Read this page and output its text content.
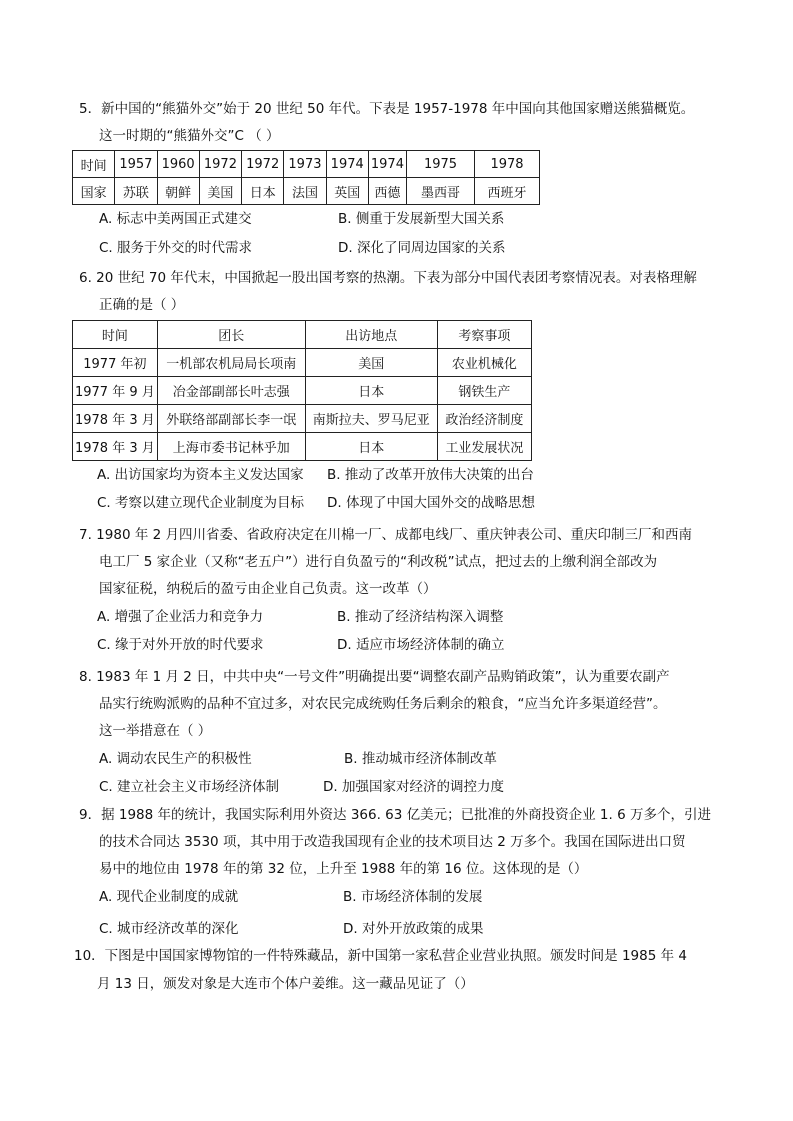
5．新中国的“熊猫外交”始于 20 世纪 50 年代。下表是 1957-1978 年中国向其他国家赠送熊猫概览。
这一时期的“熊猫外交”C （ ）
时间	1957	1960	1972	1972	1973	1974	1974	1975	1978
国家	苏联	朝鲜	美国	日本	法国	英国	西德	墨西哥	西班牙
A. 标志中美两国正式建交	B. 侧重于发展新型大国关系
C. 服务于外交的时代需求	D. 深化了同周边国家的关系
6. 20 世纪 70 年代末，中国掀起一股出国考察的热潮。下表为部分中国代表团考察情况表。对表格理解
正确的是（ ）
时间	团长	出访地点	考察事项
1977 年初	一机部农机局局长项南	美国	农业机械化
1977 年 9 月	冶金部副部长叶志强	日本	钢铁生产
1978 年 3 月	外联络部副部长李一氓	南斯拉夫、罗马尼亚	政治经济制度
1978 年 3 月	上海市委书记林乎加	日本	工业发展状况
A. 出访国家均为资本主义发达国家 B. 推动了改革开放伟大决策的出台
C. 考察以建立现代企业制度为目标 D. 体现了中国大国外交的战略思想
7. 1980 年 2 月四川省委、省政府决定在川棉一厂、成都电线厂、重庆钟表公司、重庆印制三厂和西南
电工厂 5 家企业（又称“老五户”）进行自负盈亏的“利改税”试点，把过去的上缴利润全部改为
国家征税，纳税后的盈亏由企业自己负责。这一改革（）
A. 增强了企业活力和竞争力	B. 推动了经济结构深入调整
C. 缘于对外开放的时代要求	D. 适应市场经济体制的确立
8. 1983 年 1 月 2 日，中共中央“一号文件”明确提出要“调整农副产品购销政策”，认为重要农副产
品实行统购派购的品种不宜过多，对农民完成统购任务后剩余的粮食，“应当允许多渠道经营”。
这一举措意在（ ）
A. 调动农民生产的积极性	B. 推动城市经济体制改革
C. 建立社会主义市场经济体制	D. 加强国家对经济的调控力度
9．据 1988 年的统计，我国实际利用外资达 366. 63 亿美元；已批准的外商投资企业 1. 6 万多个，引进
的技术合同达 3530 项，其中用于改造我国现有企业的技术项目达 2 万多个。我国在国际进出口贸
易中的地位由 1978 年的第 32 位，上升至 1988 年的第 16 位。这体现的是（）
A. 现代企业制度的成就	B. 市场经济体制的发展
C. 城市经济改革的深化	D. 对外开放政策的成果
10．下图是中国国家博物馆的一件特殊藏品，新中国第一家私营企业营业执照。颁发时间是 1985 年 4
月 13 日，颁发对象是大连市个体户姜维。这一藏品见证了（）
